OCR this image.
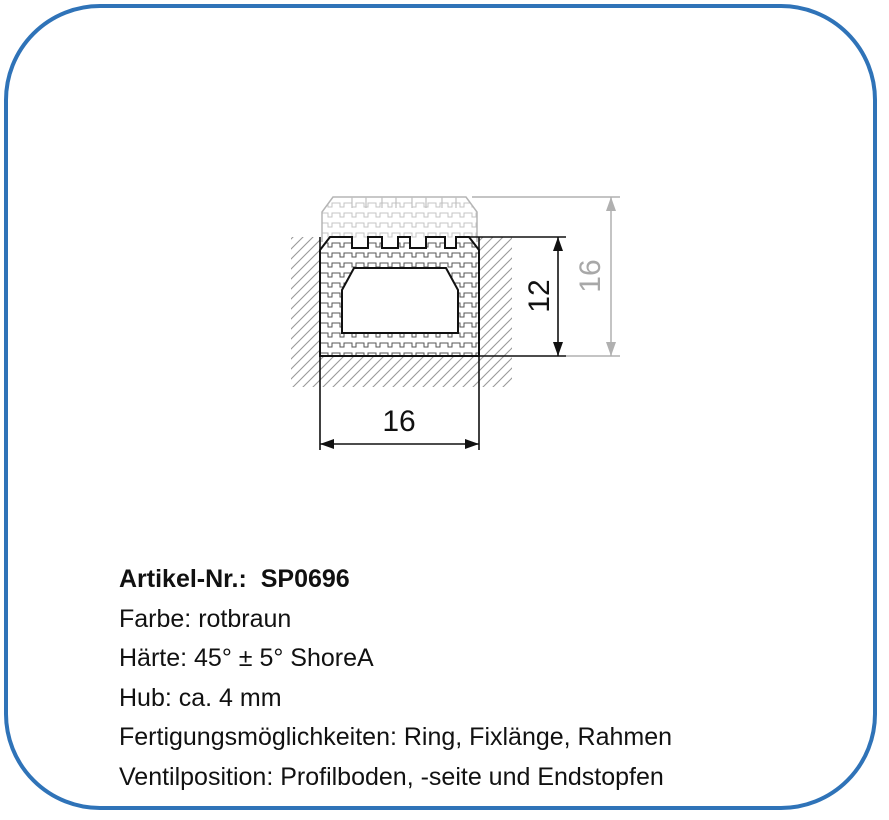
16
12
16
Artikel-Nr.: SP0696
Farbe: rotbraun
Härte: 45° ± 5° ShoreA
Hub: ca. 4 mm
Fertigungsmöglichkeiten: Ring, Fixlänge, Rahmen
Ventilposition: Profilboden, -seite und Endstopfen
